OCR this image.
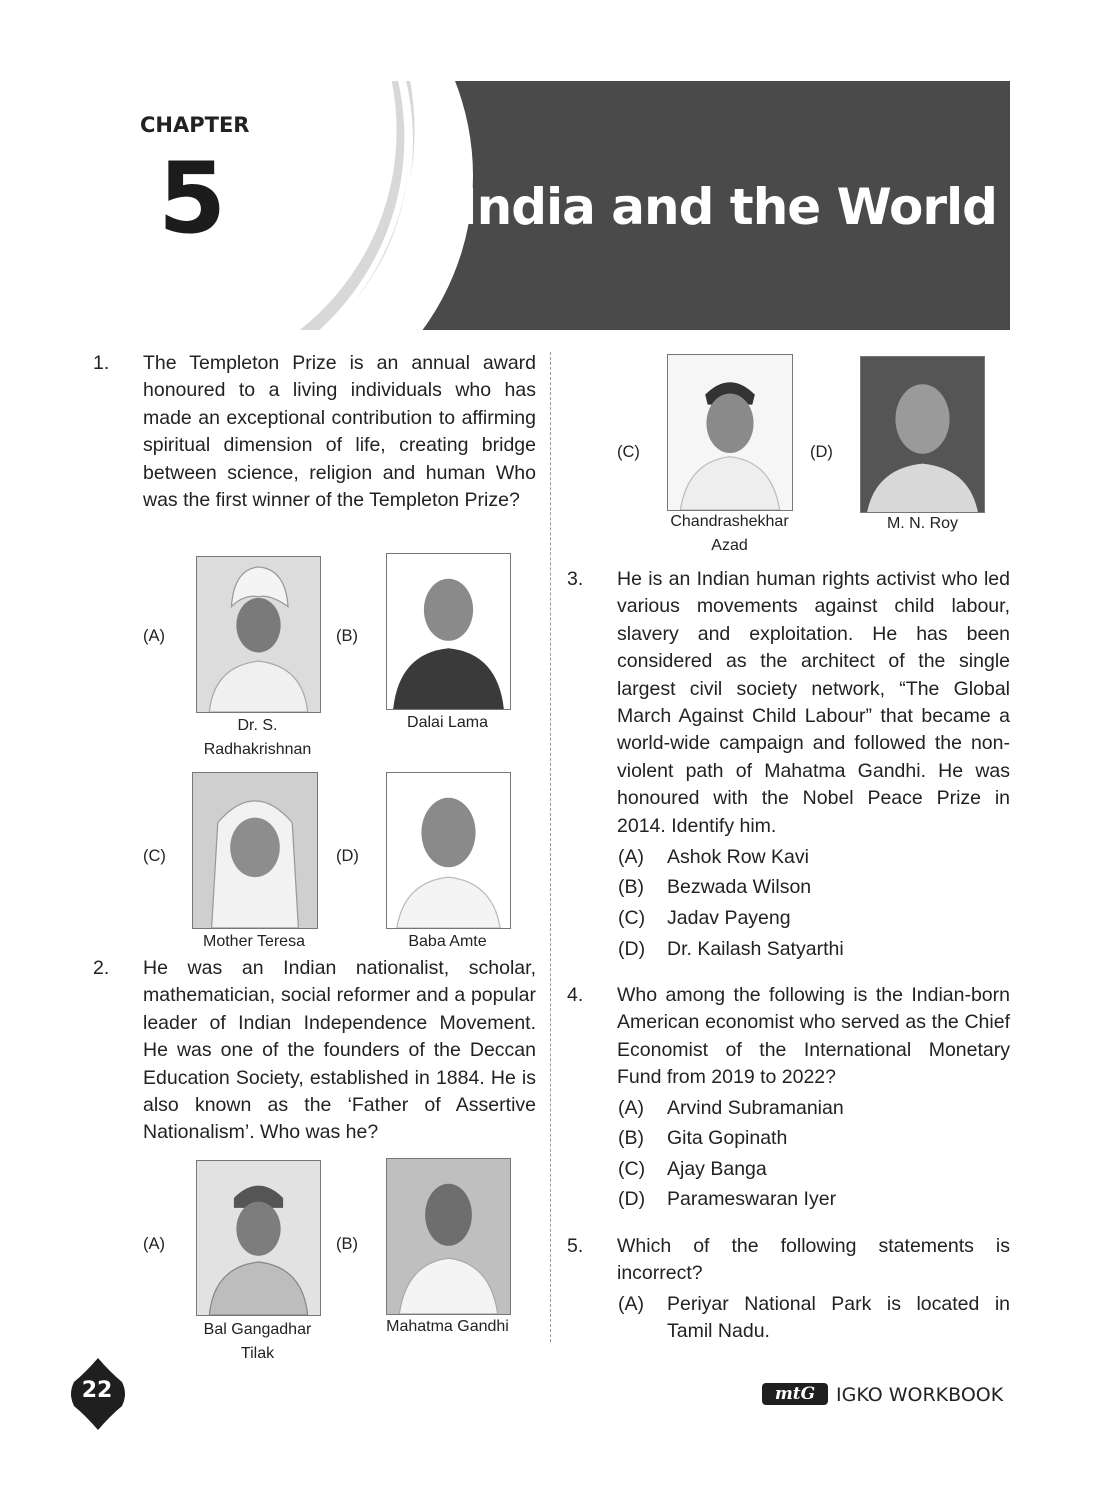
CHAPTER
5	India and the World
1. The Templeton Prize is an annual award honoured to a living individuals who has made an exceptional contribution to affirming spiritual dimension of life, creating bridge between science, religion and human Who was the first winner of the Templeton Prize?
(A)	(B)
Dr. S. Radhakrishnan
Dalai Lama
(C)	(D)
Mother Teresa	Baba Amte
2. He was an Indian nationalist, scholar, mathematician, social reformer and a popular leader of Indian Independence Movement. He was one of the founders of the Deccan Education Society, established in 1884. He is also known as the ‘Father of Assertive Nationalism’. Who was he?
(A)	(B)
Bal Gangadhar Tilak
Mahatma Gandhi
(C)	(D)
Chandrashekhar Azad
M. N. Roy
3. He is an Indian human rights activist who led various movements against child labour, slavery and exploitation. He has been considered as the architect of the single largest civil society network, “The Global March Against Child Labour” that became a world-wide campaign and followed the non-violent path of Mahatma Gandhi. He was honoured with the Nobel Peace Prize in 2014. Identify him.
(A) Ashok Row Kavi
(B) Bezwada Wilson
(C) Jadav Payeng
(D) Dr. Kailash Satyarthi
4. Who among the following is the Indian-born American economist who served as the Chief Economist of the International Monetary Fund from 2019 to 2022?
(A) Arvind Subramanian
(B) Gita Gopinath
(C) Ajay Banga
(D) Parameswaran Iyer
5. Which of the following statements is incorrect?
(A) Periyar National Park is located in Tamil Nadu.
22	mtG	IGKO WORKBOOK
